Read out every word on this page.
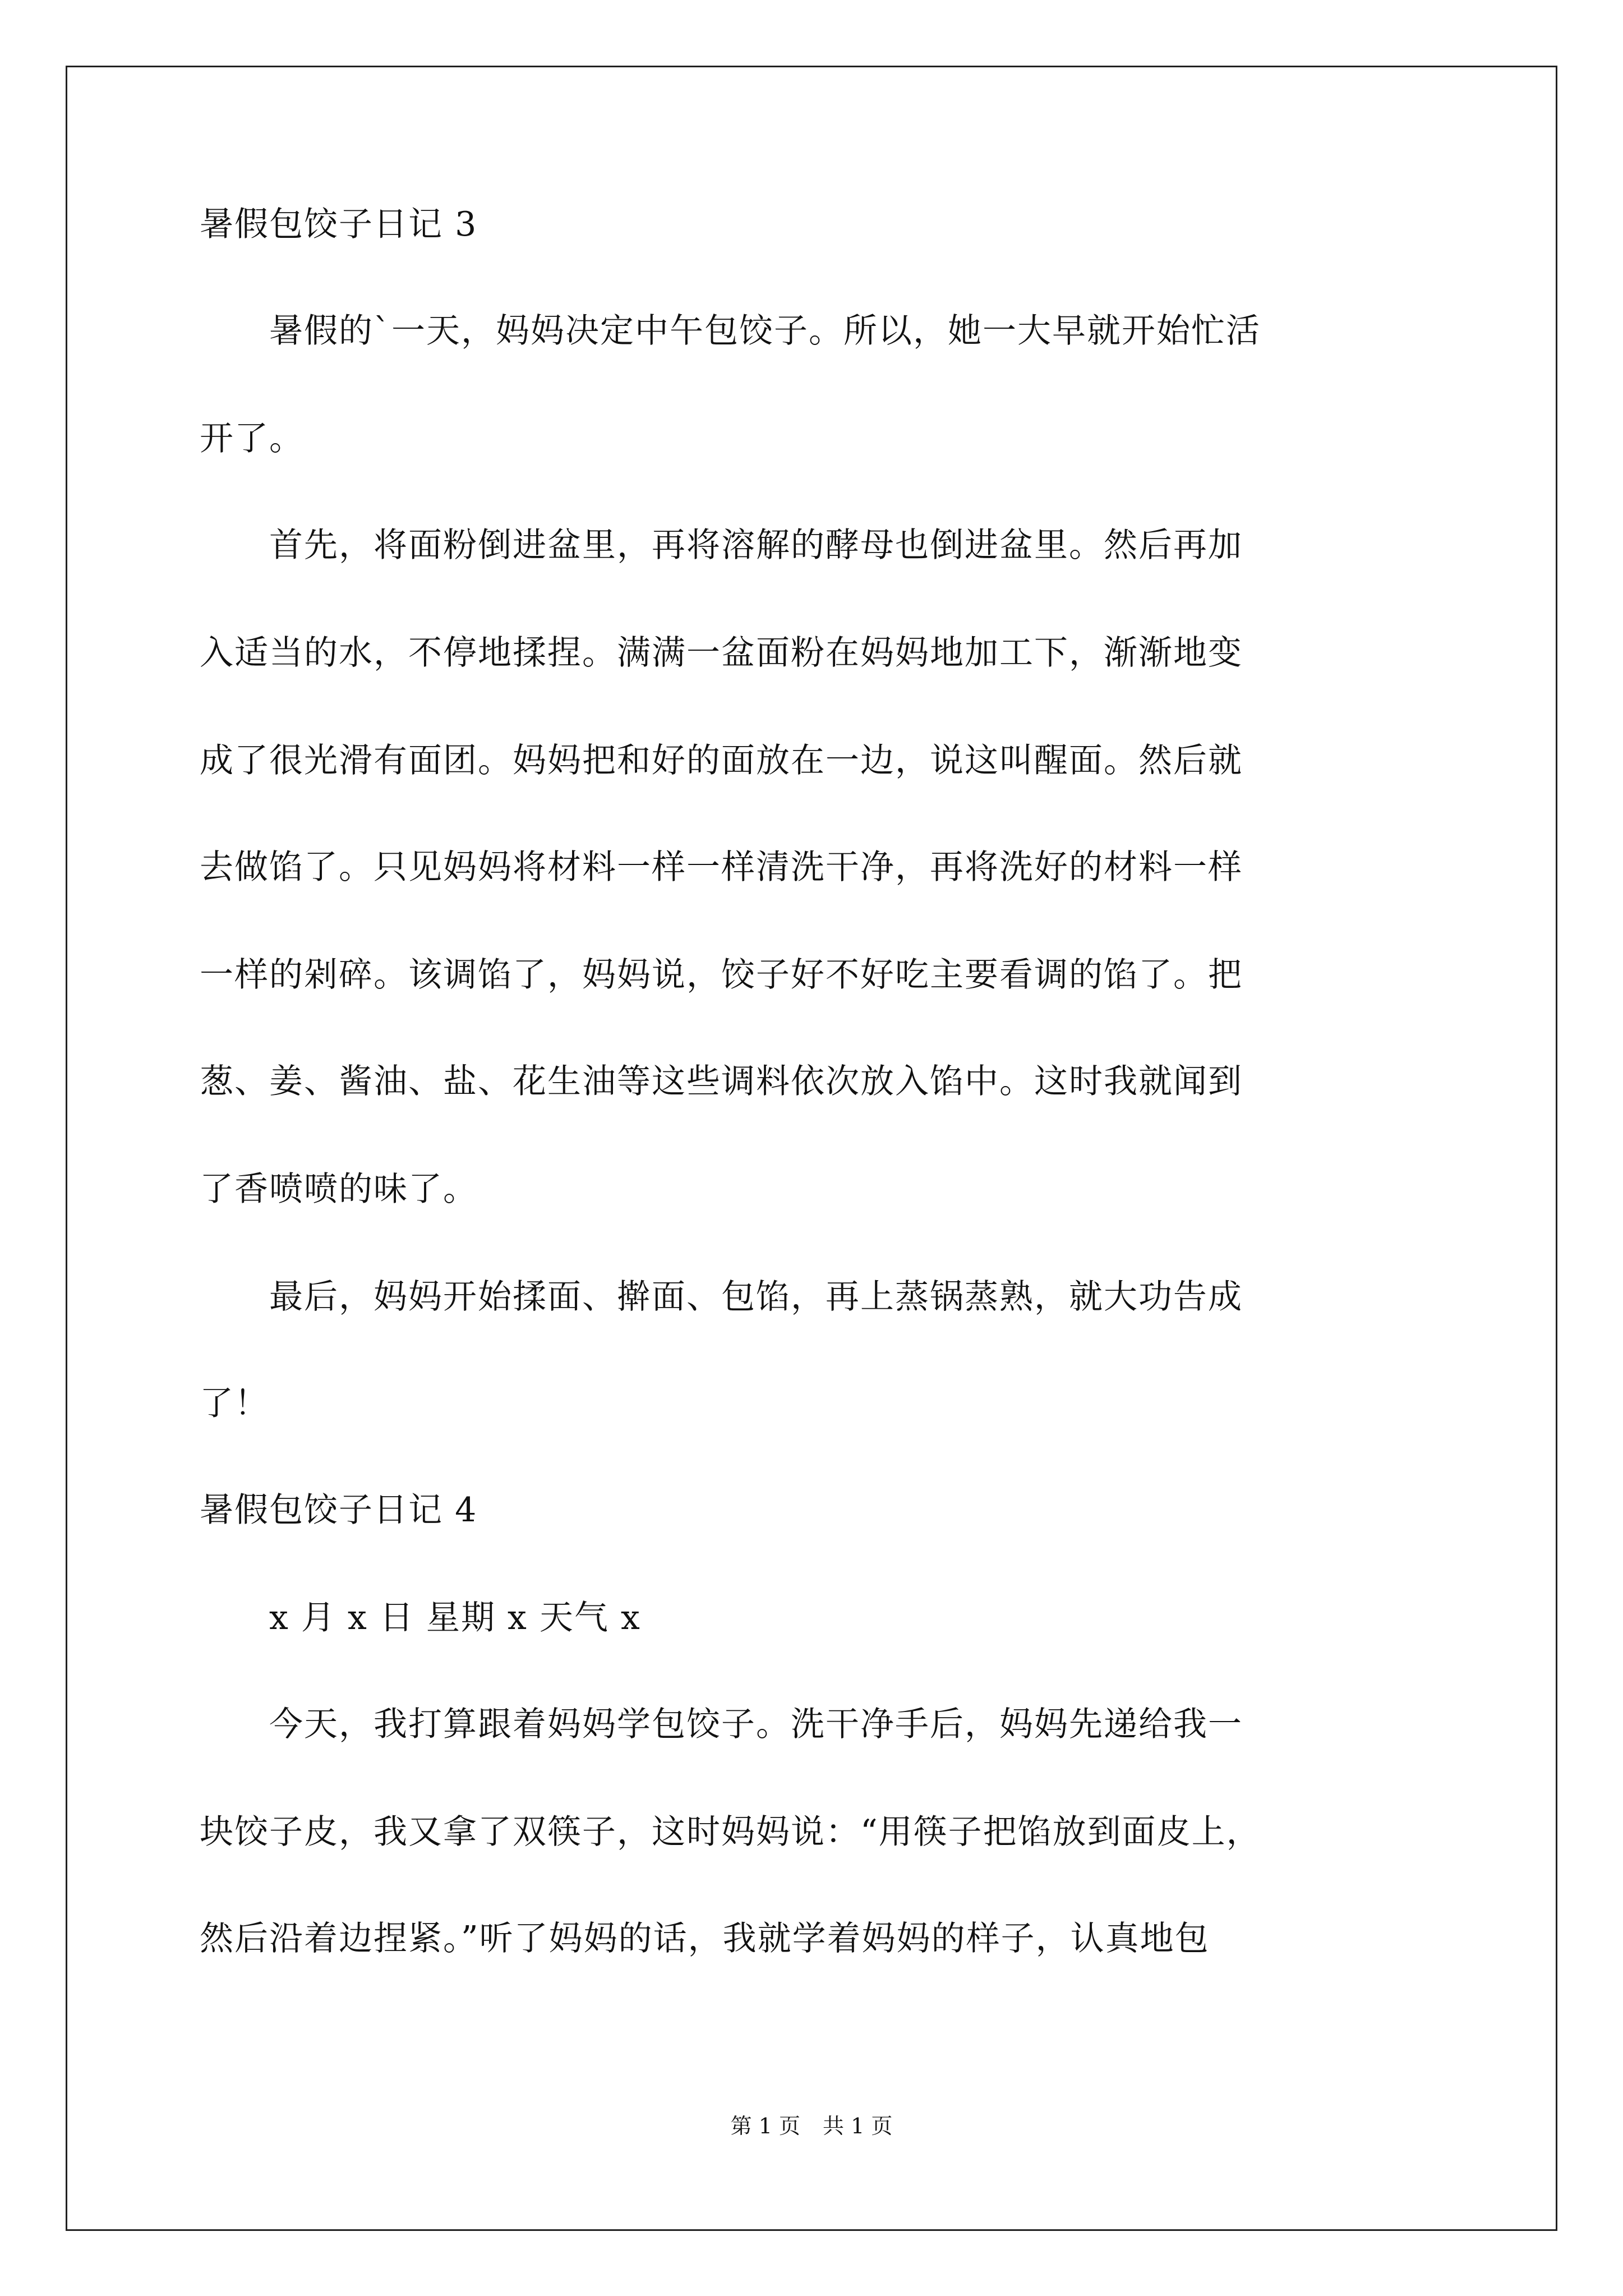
暑假包饺子日记 3
　　暑假的`一天，妈妈决定中午包饺子。所以，她一大早就开始忙活
开了。
　　首先，将面粉倒进盆里，再将溶解的酵母也倒进盆里。然后再加
入适当的水，不停地揉捏。满满一盆面粉在妈妈地加工下，渐渐地变
成了很光滑有面团。妈妈把和好的面放在一边，说这叫醒面。然后就
去做馅了。只见妈妈将材料一样一样清洗干净，再将洗好的材料一样
一样的剁碎。该调馅了，妈妈说，饺子好不好吃主要看调的馅了。把
葱、姜、酱油、盐、花生油等这些调料依次放入馅中。这时我就闻到
了香喷喷的味了。
　　最后，妈妈开始揉面、擀面、包馅，再上蒸锅蒸熟，就大功告成
了！
暑假包饺子日记 4
　　x 月 x 日 星期 x 天气 x
　　今天，我打算跟着妈妈学包饺子。洗干净手后，妈妈先递给我一
块饺子皮，我又拿了双筷子，这时妈妈说：“用筷子把馅放到面皮上，
然后沿着边捏紧。”听了妈妈的话，我就学着妈妈的样子，认真地包
第 1 页 共 1 页
